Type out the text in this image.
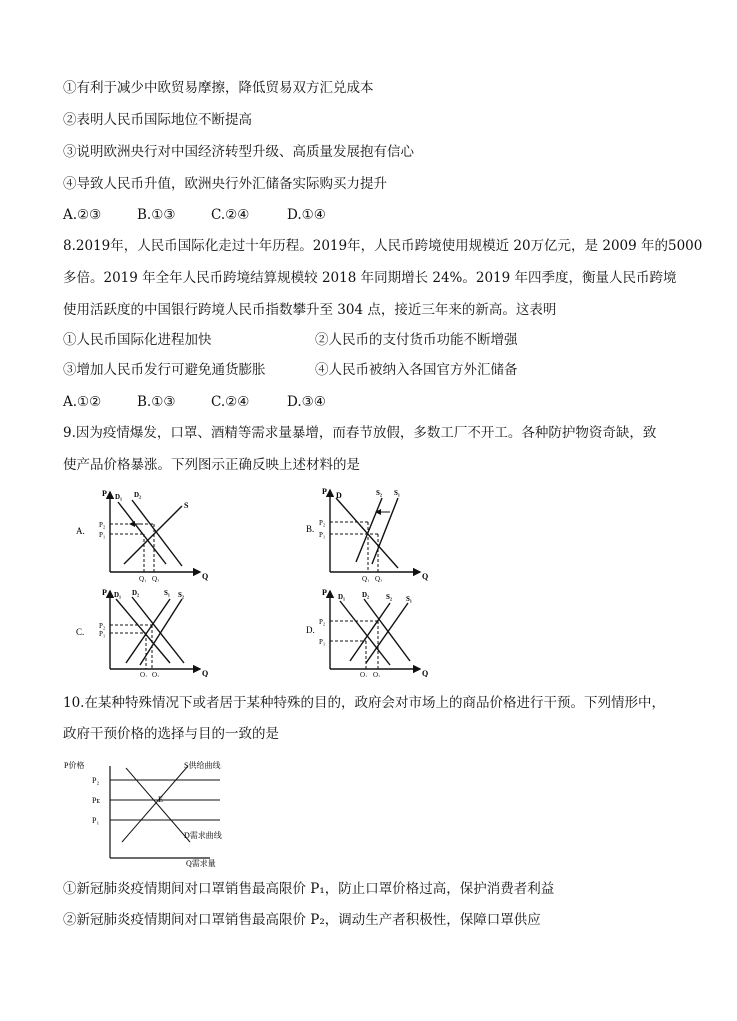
①有利于减少中欧贸易摩擦，降低贸易双方汇兑成本
②表明人民币国际地位不断提高
③说明欧洲央行对中国经济转型升级、高质量发展抱有信心
④导致人民币升值，欧洲央行外汇储备实际购买力提升
A.②③	B.①③	C.②④	D.①④
8.2019年，人民币国际化走过十年历程。2019年，人民币跨境使用规模近 20万亿元，是 2009 年的5000
多倍。2019 年全年人民币跨境结算规模较 2018 年同期增长 24%。2019 年四季度，衡量人民币跨境
使用活跃度的中国银行跨境人民币指数攀升至 304 点，接近三年来的新高。这表明
①人民币国际化进程加快	②人民币的支付货币功能不断增强
③增加人民币发行可避免通货膨胀	④人民币被纳入各国官方外汇储备
A.①②	B.①③	C.②④	D.③④
9.因为疫情爆发，口罩、酒精等需求量暴增，而春节放假，多数工厂不开工。各种防护物资奇缺，致
使产品价格暴涨。下列图示正确反映上述材料的是
A.
P
Q
D₁ D₂
S
P₂
P₁
Q₁ Q₂
B.
P
Q
D	S₂ S₁
P₂
P₁
Q₁ Q₂
C.
P
Q
D₁ D₂	S₁ S₂
P₂
P₁
Q₁ Q₂
D.
P
Q
D₁ D₂ S₂ S₁
P₂
P₁
Q₁ Q₂
10.在某种特殊情况下或者居于某种特殊的目的，政府会对市场上的商品价格进行干预。下列情形中，
政府干预价格的选择与目的一致的是
P价格
Q需求量
S供给曲线
D需求曲线
E
P₂
Pᴇ
P₁
①新冠肺炎疫情期间对口罩销售最高限价 P₁，防止口罩价格过高，保护消费者利益
②新冠肺炎疫情期间对口罩销售最高限价 P₂，调动生产者积极性，保障口罩供应
